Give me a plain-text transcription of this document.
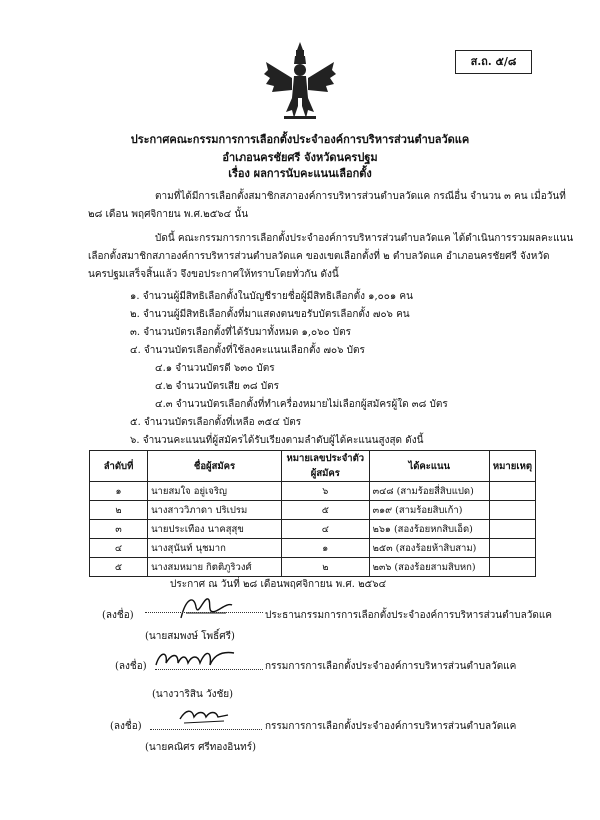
ส.ถ. ๕/๘
ประกาศคณะกรรมการการเลือกตั้งประจำองค์การบริหารส่วนตำบลวัดแค
อำเภอนครชัยศรี จังหวัดนครปฐม
เรื่อง ผลการนับคะแนนเลือกตั้ง
ตามที่ได้มีการเลือกตั้งสมาชิกสภาองค์การบริหารส่วนตำบลวัดแค กรณีอื่น จำนวน ๓ คน เมื่อวันที่
๒๘ เดือน พฤศจิกายน พ.ศ.๒๕๖๔ นั้น
บัดนี้ คณะกรรมการการเลือกตั้งประจำองค์การบริหารส่วนตำบลวัดแค ได้ดำเนินการรวมผลคะแนน
เลือกตั้งสมาชิกสภาองค์การบริหารส่วนตำบลวัดแค ของเขตเลือกตั้งที่ ๒ ตำบลวัดแค อำเภอนครชัยศรี จังหวัด
นครปฐมเสร็จสิ้นแล้ว จึงขอประกาศให้ทราบโดยทั่วกัน ดังนี้
๑. จำนวนผู้มีสิทธิเลือกตั้งในบัญชีรายชื่อผู้มีสิทธิเลือกตั้ง ๑,๐๐๑ คน
๒. จำนวนผู้มีสิทธิเลือกตั้งที่มาแสดงตนขอรับบัตรเลือกตั้ง ๗๐๖ คน
๓. จำนวนบัตรเลือกตั้งที่ได้รับมาทั้งหมด ๑,๐๖๐ บัตร
๔. จำนวนบัตรเลือกตั้งที่ใช้ลงคะแนนเลือกตั้ง ๗๐๖ บัตร
๔.๑ จำนวนบัตรดี ๖๓๐ บัตร
๔.๒ จำนวนบัตรเสีย ๓๘ บัตร
๔.๓ จำนวนบัตรเลือกตั้งที่ทำเครื่องหมายไม่เลือกผู้สมัครผู้ใด ๓๘ บัตร
๕. จำนวนบัตรเลือกตั้งที่เหลือ ๓๕๔ บัตร
๖. จำนวนคะแนนที่ผู้สมัครได้รับเรียงตามลำดับผู้ได้คะแนนสูงสุด ดังนี้
ลำดับที่	ชื่อผู้สมัคร	หมายเลขประจำตัว ผู้สมัคร	ได้คะแนน	หมายเหตุ
๑	นายสมใจ อยู่เจริญ	๖	๓๔๘ (สามร้อยสี่สิบแปด)	
๒	นางสาววิภาดา ปริเปรม	๕	๓๑๙ (สามร้อยสิบเก้า)	
๓	นายประเทือง นาคสุสุข	๔	๒๖๑ (สองร้อยหกสิบเอ็ด)	
๔	นางสุนันท์ นุชมาก	๑	๒๕๓ (สองร้อยห้าสิบสาม)	
๕	นางสมหมาย กิตติภูริวงศ์	๒	๒๓๖ (สองร้อยสามสิบหก)	
ประกาศ ณ วันที่ ๒๘ เดือนพฤศจิกายน พ.ศ. ๒๕๖๔
(ลงชื่อ)	ประธานกรรมการการเลือกตั้งประจำองค์การบริหารส่วนตำบลวัดแค
(นายสมพงษ์ โพธิ์ศรี)
(ลงชื่อ)	กรรมการการเลือกตั้งประจำองค์การบริหารส่วนตำบลวัดแค
(นางวาริสิน วังชัย)
(ลงชื่อ)	กรรมการการเลือกตั้งประจำองค์การบริหารส่วนตำบลวัดแค
(นายคณิศร ศรีทองอินทร์)
